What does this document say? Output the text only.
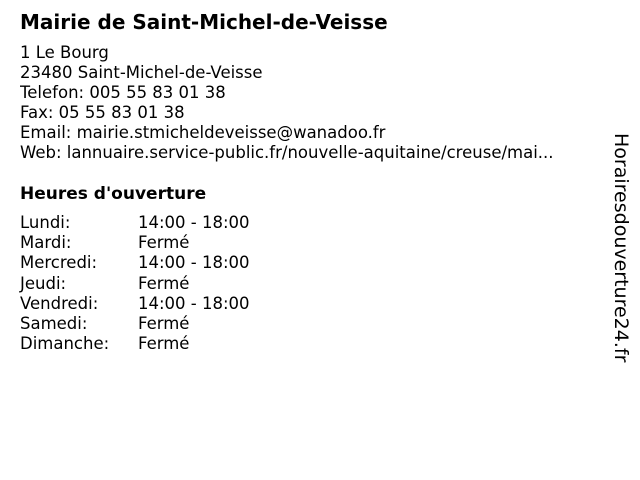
Mairie de Saint-Michel-de-Veisse
1 Le Bourg
23480 Saint-Michel-de-Veisse
Telefon: 005 55 83 01 38
Fax: 05 55 83 01 38
Email: mairie.stmicheldeveisse@wanadoo.fr
Web: lannuaire.service-public.fr/nouvelle-aquitaine/creuse/mai...
Heures d'ouverture
Lundi:	14:00 - 18:00
Mardi:	Fermé
Mercredi: 14:00 - 18:00
Jeudi:	Fermé
Vendredi: 14:00 - 18:00
Samedi:	Fermé
Dimanche: Fermé	Horairesdouverture24.fr
